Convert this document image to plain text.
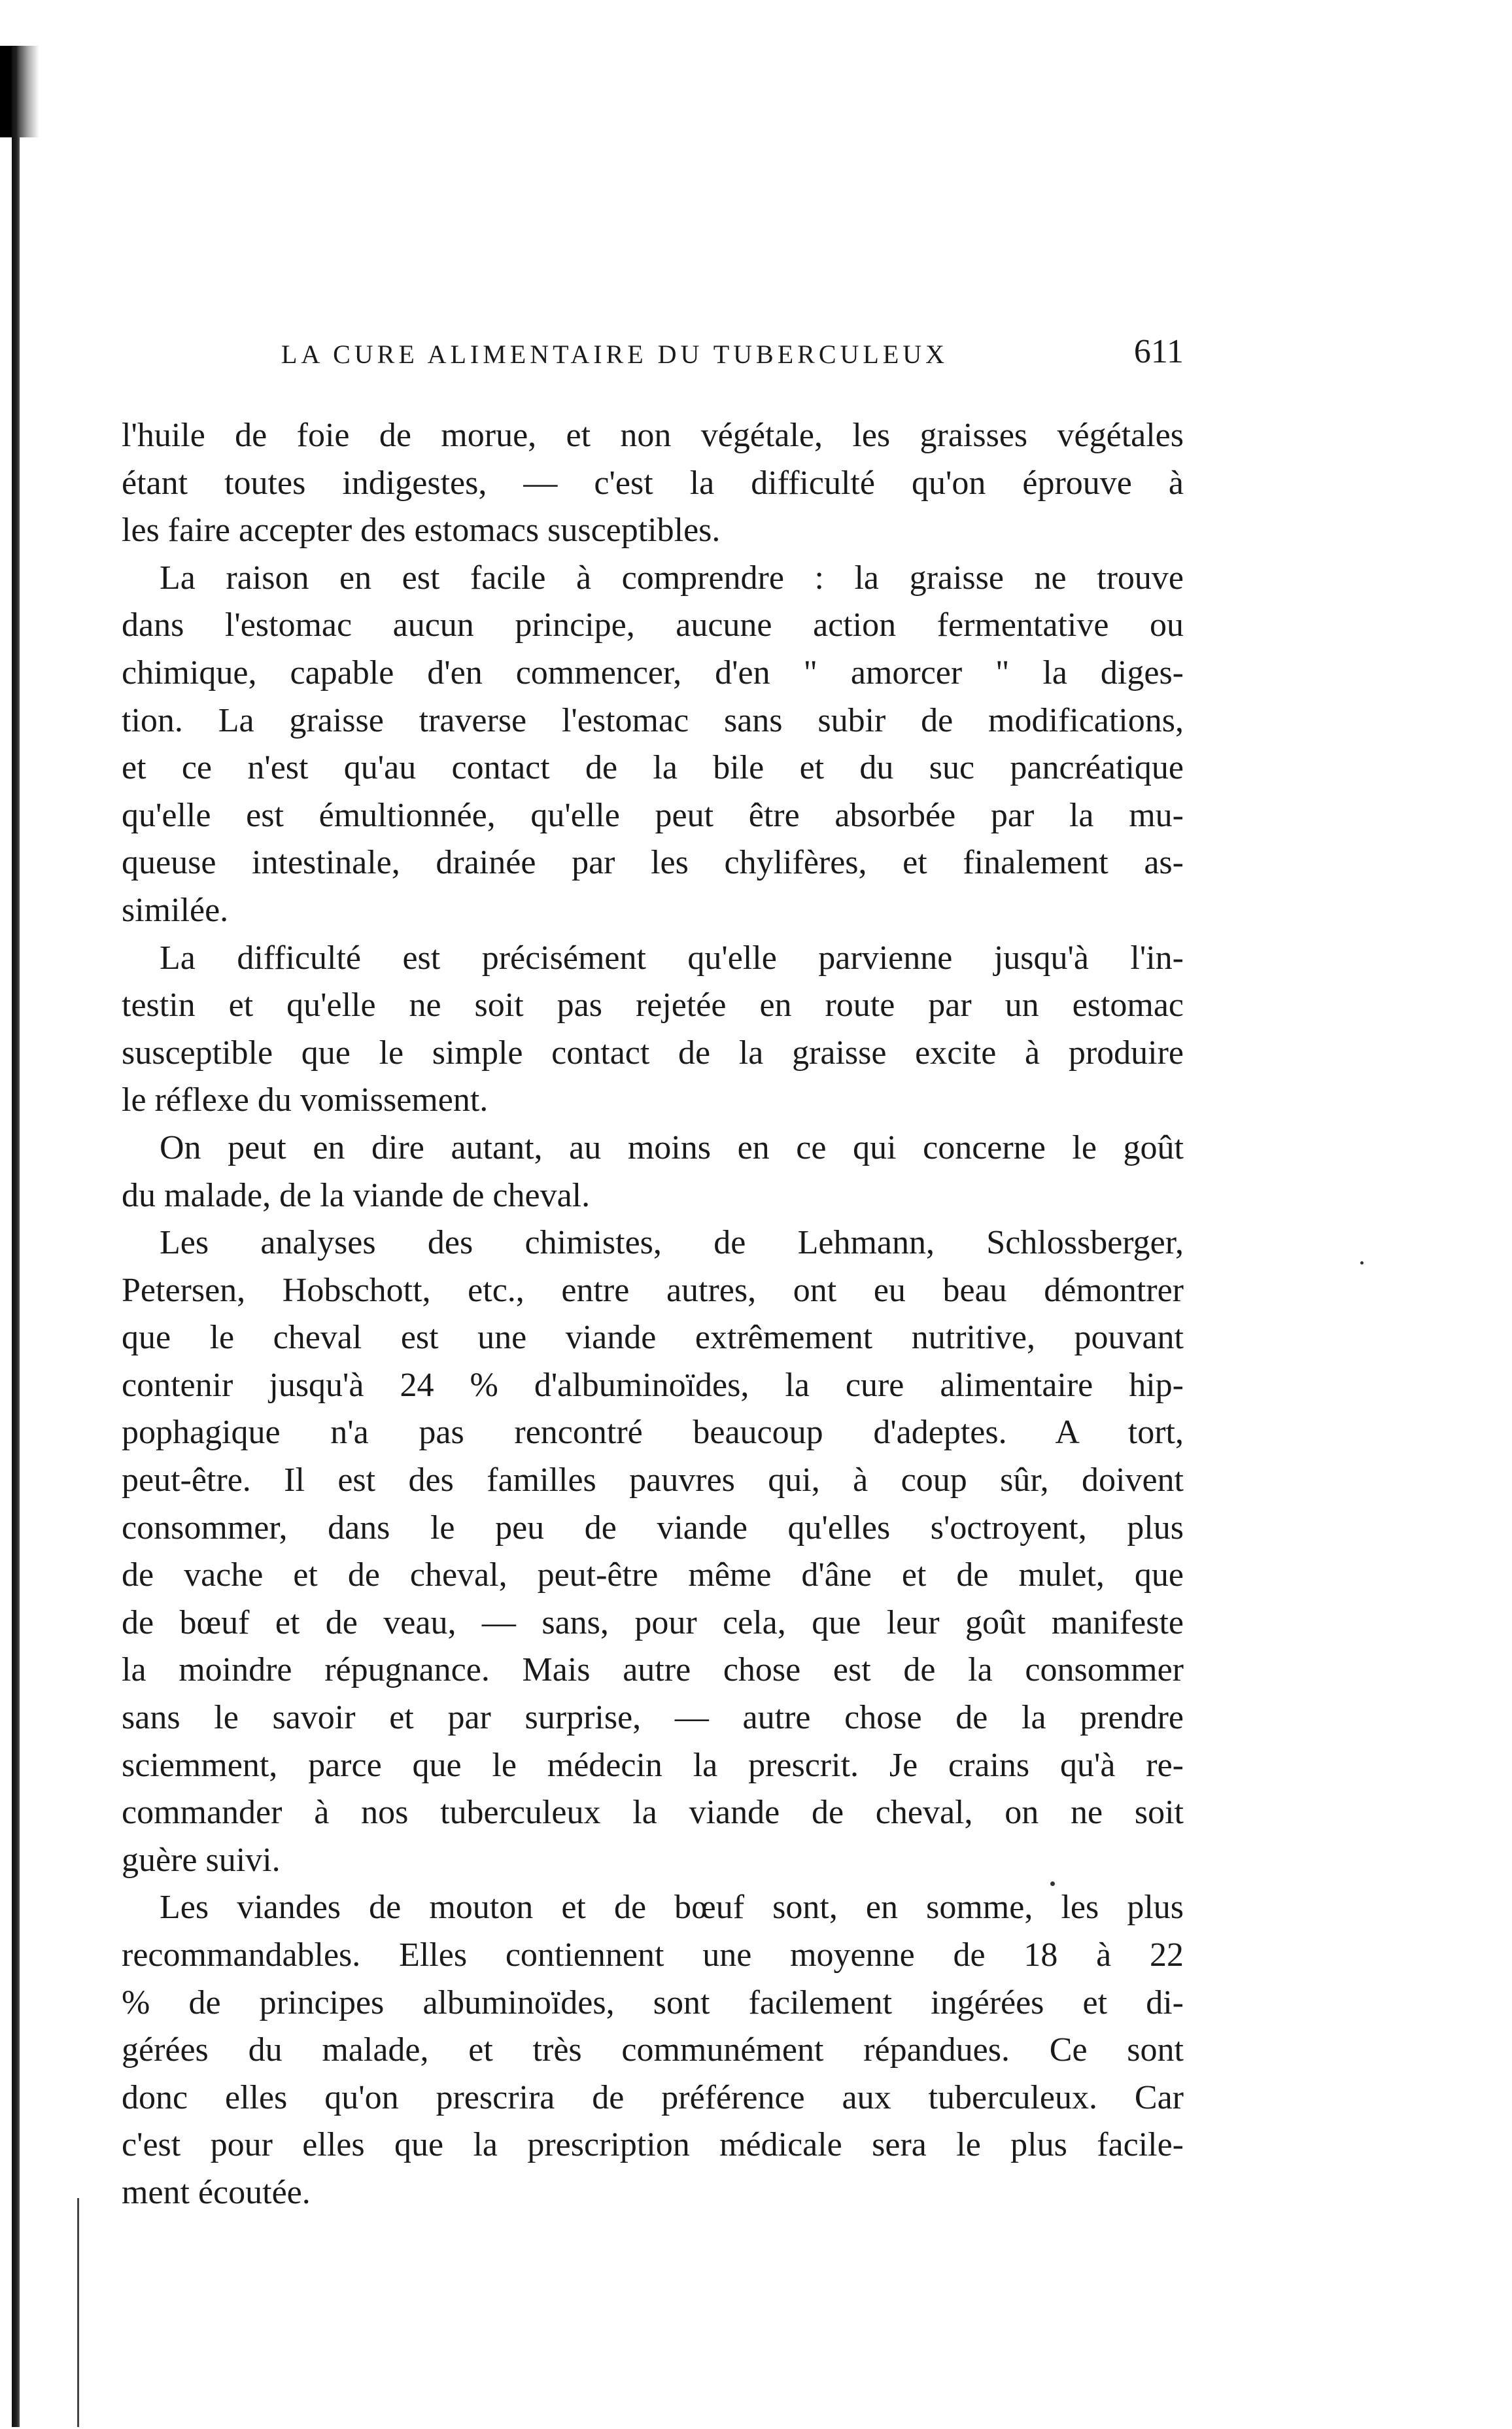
LA CURE ALIMENTAIRE DU TUBERCULEUX	611
l'huile de foie de morue, et non végétale, les graisses végétales
étant toutes indigestes, — c'est la difficulté qu'on éprouve à
les faire accepter des estomacs susceptibles.
La raison en est facile à comprendre : la graisse ne trouve
dans l'estomac aucun principe, aucune action fermentative ou
chimique, capable d'en commencer, d'en " amorcer " la diges-
tion. La graisse traverse l'estomac sans subir de modifications,
et ce n'est qu'au contact de la bile et du suc pancréatique
qu'elle est émultionnée, qu'elle peut être absorbée par la mu-
queuse intestinale, drainée par les chylifères, et finalement as-
similée.
La difficulté est précisément qu'elle parvienne jusqu'à l'in-
testin et qu'elle ne soit pas rejetée en route par un estomac
susceptible que le simple contact de la graisse excite à produire
le réflexe du vomissement.
On peut en dire autant, au moins en ce qui concerne le goût
du malade, de la viande de cheval.
Les analyses des chimistes, de Lehmann, Schlossberger,
Petersen, Hobschott, etc., entre autres, ont eu beau démontrer
que le cheval est une viande extrêmement nutritive, pouvant
contenir jusqu'à 24 % d'albuminoïdes, la cure alimentaire hip-
pophagique n'a pas rencontré beaucoup d'adeptes. A tort,
peut-être. Il est des familles pauvres qui, à coup sûr, doivent
consommer, dans le peu de viande qu'elles s'octroyent, plus
de vache et de cheval, peut-être même d'âne et de mulet, que
de bœuf et de veau, — sans, pour cela, que leur goût manifeste
la moindre répugnance. Mais autre chose est de la consommer
sans le savoir et par surprise, — autre chose de la prendre
sciemment, parce que le médecin la prescrit. Je crains qu'à re-
commander à nos tuberculeux la viande de cheval, on ne soit
guère suivi.
Les viandes de mouton et de bœuf sont, en somme, les plus
recommandables. Elles contiennent une moyenne de 18 à 22
% de principes albuminoïdes, sont facilement ingérées et di-
gérées du malade, et très communément répandues. Ce sont
donc elles qu'on prescrira de préférence aux tuberculeux. Car
c'est pour elles que la prescription médicale sera le plus facile-
ment écoutée.
